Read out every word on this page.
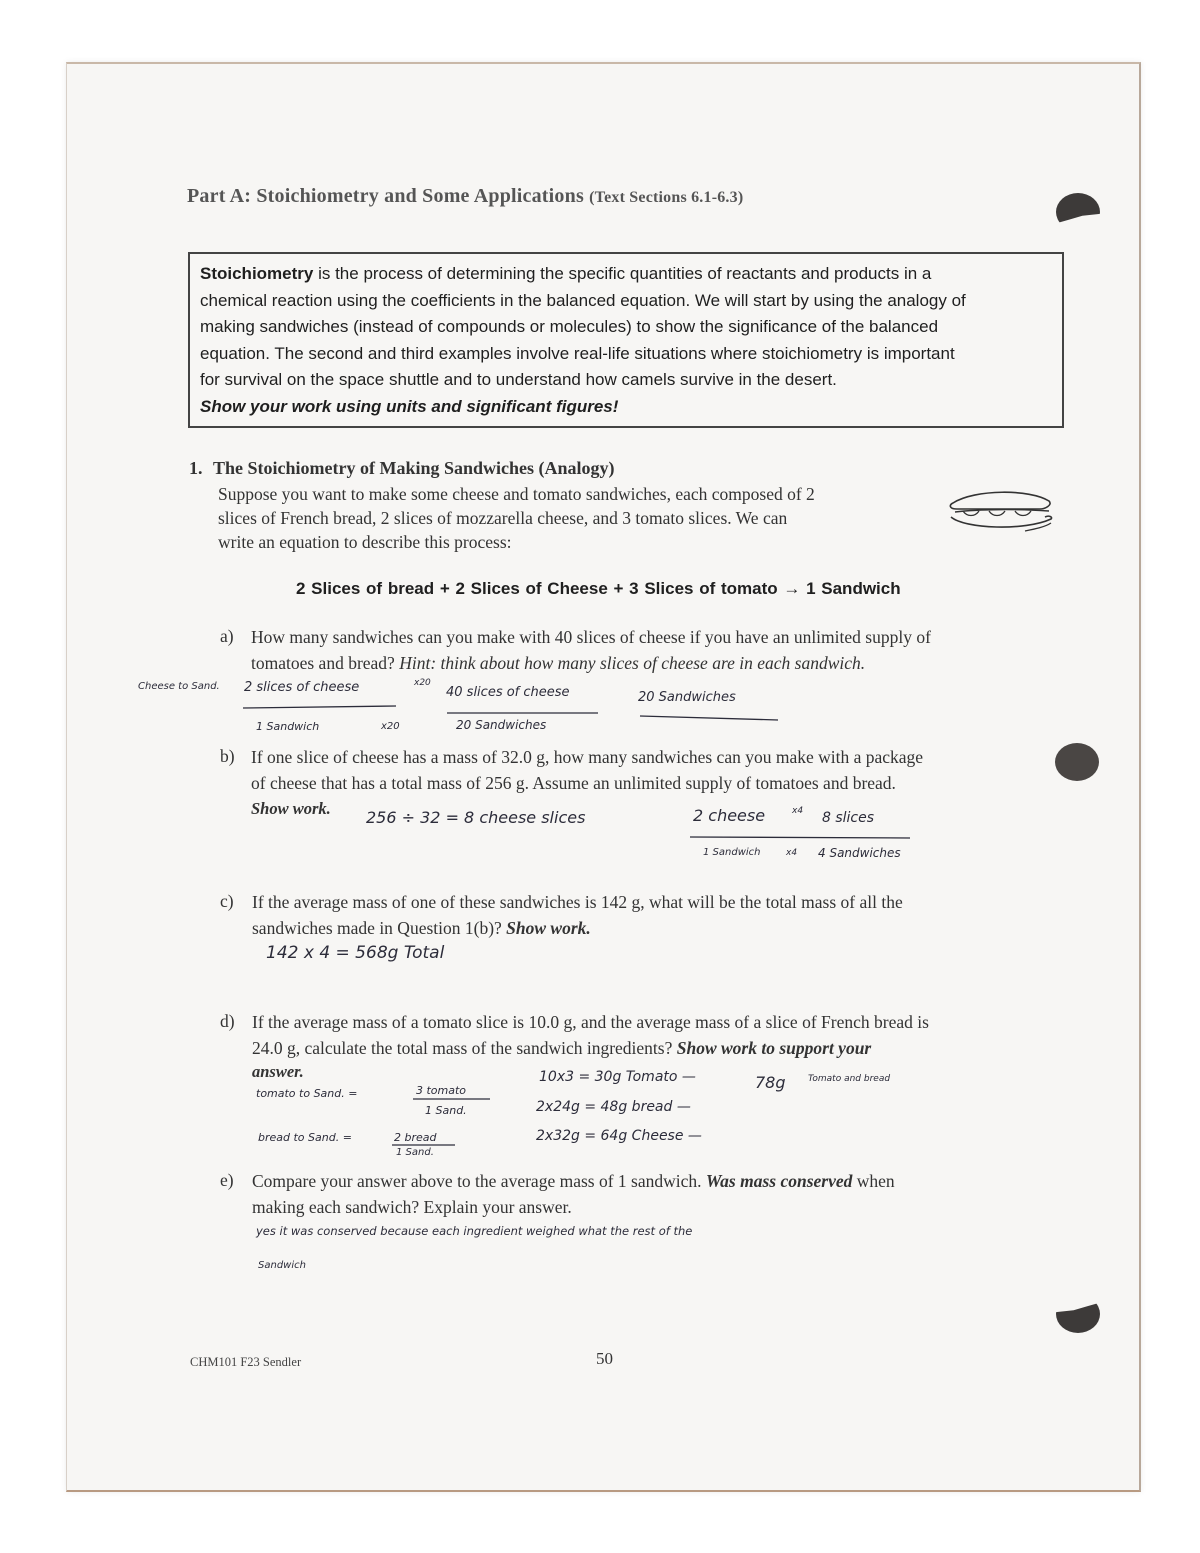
Part A: Stoichiometry and Some Applications (Text Sections 6.1-6.3)
Stoichiometry is the process of determining the specific quantities of reactants and products in a
chemical reaction using the coefficients in the balanced equation. We will start by using the analogy of
making sandwiches (instead of compounds or molecules) to show the significance of the balanced
equation. The second and third examples involve real-life situations where stoichiometry is important
for survival on the space shuttle and to understand how camels survive in the desert.
Show your work using units and significant figures!
1. The Stoichiometry of Making Sandwiches (Analogy)
Suppose you want to make some cheese and tomato sandwiches, each composed of 2
slices of French bread, 2 slices of mozzarella cheese, and 3 tomato slices. We can
write an equation to describe this process:
2 Slices of bread + 2 Slices of Cheese + 3 Slices of tomato → 1 Sandwich
a) How many sandwiches can you make with 40 slices of cheese if you have an unlimited supply of
tomatoes and bread? Hint: think about how many slices of cheese are in each sandwich.
b) If one slice of cheese has a mass of 32.0 g, how many sandwiches can you make with a package
of cheese that has a total mass of 256 g. Assume an unlimited supply of tomatoes and bread.
Show work.
c) If the average mass of one of these sandwiches is 142 g, what will be the total mass of all the
sandwiches made in Question 1(b)? Show work.
d) If the average mass of a tomato slice is 10.0 g, and the average mass of a slice of French bread is
24.0 g, calculate the total mass of the sandwich ingredients? Show work to support your
answer.
e) Compare your answer above to the average mass of 1 sandwich. Was mass conserved when
making each sandwich? Explain your answer.
Cheese to Sand. 2 slices of cheese	x20
40 slices of cheese	20 Sandwiches
1 Sandwich	x20	20 Sandwiches
256 ÷ 32 = 8 cheese slices	2 cheese	x4 8 slices
1 Sandwich	x4 4 Sandwiches
142 x 4 = 568g Total
tomato to Sand. =	3 tomato
1 Sand.
bread to Sand. =	2 bread
1 Sand.
10x3 = 30g Tomato —	78g Tomato and bread
2x24g = 48g bread —
2x32g = 64g Cheese —
yes it was conserved because each ingredient weighed what the rest of the
Sandwich
CHM101 F23 Sendler	50
